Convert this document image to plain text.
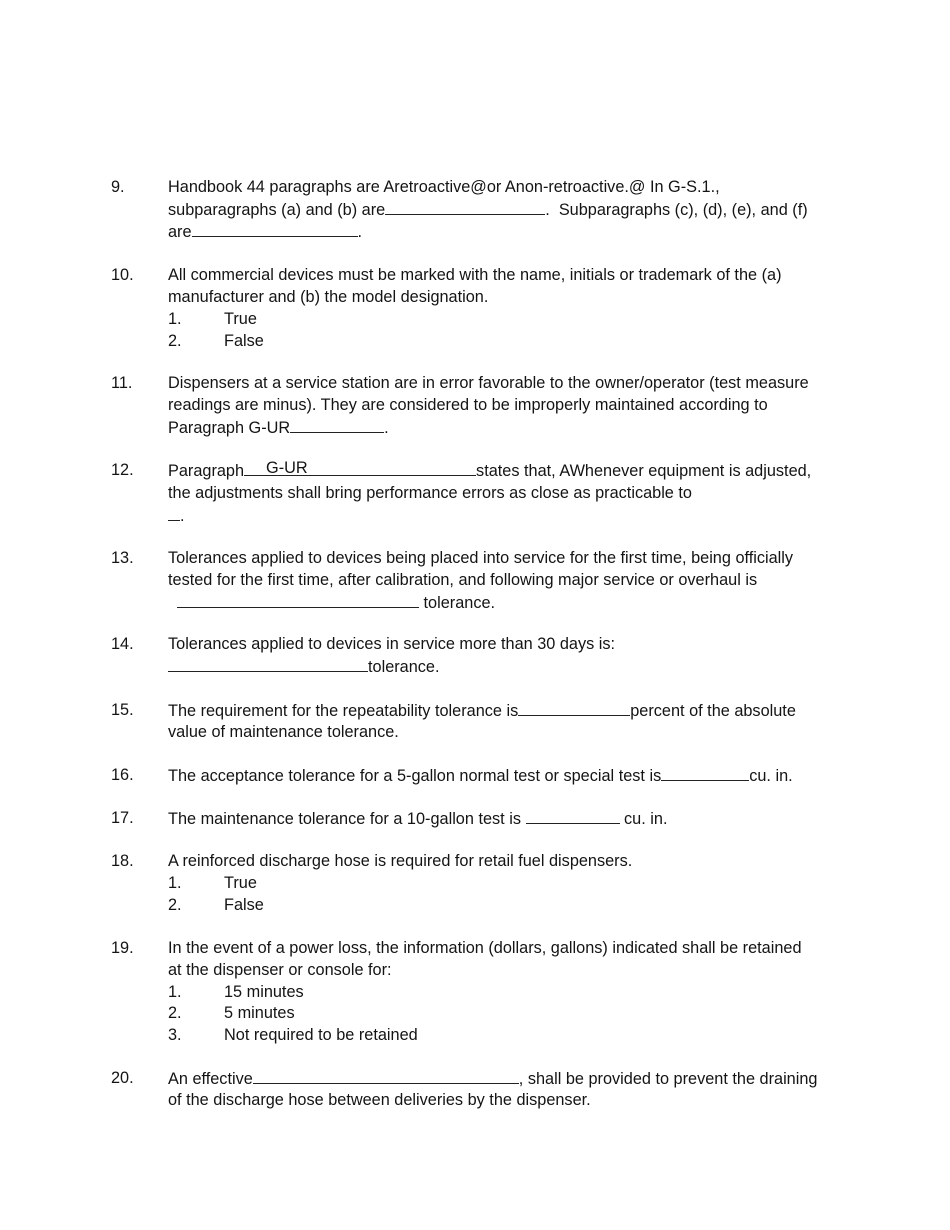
9.	Handbook 44 paragraphs are Aretroactive@or Anon-retroactive.@ In G-S.1.,
subparagraphs (a) and (b) are	. Subparagraphs (c), (d), (e), and (f)
are	.
10. All commercial devices must be marked with the name, initials or trademark of the (a)
manufacturer and (b) the model designation.
1.	True
2.	False
11. Dispensers at a service station are in error favorable to the owner/operator (test measure
readings are minus). They are considered to be improperly maintained according to
Paragraph G-UR	.
12. Paragraph G-UR	states that, AWhenever equipment is adjusted,
the adjustments shall bring performance errors as close as practicable to
.
13. Tolerances applied to devices being placed into service for the first time, being officially
tested for the first time, after calibration, and following major service or overhaul is
tolerance.
14. Tolerances applied to devices in service more than 30 days is:
tolerance.
15. The requirement for the repeatability tolerance is	percent of the absolute
value of maintenance tolerance.
16. The acceptance tolerance for a 5-gallon normal test or special test is	cu. in.
17. The maintenance tolerance for a 10-gallon test is	cu. in.
18. A reinforced discharge hose is required for retail fuel dispensers.
1.	True
2.	False
19. In the event of a power loss, the information (dollars, gallons) indicated shall be retained
at the dispenser or console for:
1.	15 minutes
2.	5 minutes
3.	Not required to be retained
20. An effective	, shall be provided to prevent the draining
of the discharge hose between deliveries by the dispenser.
